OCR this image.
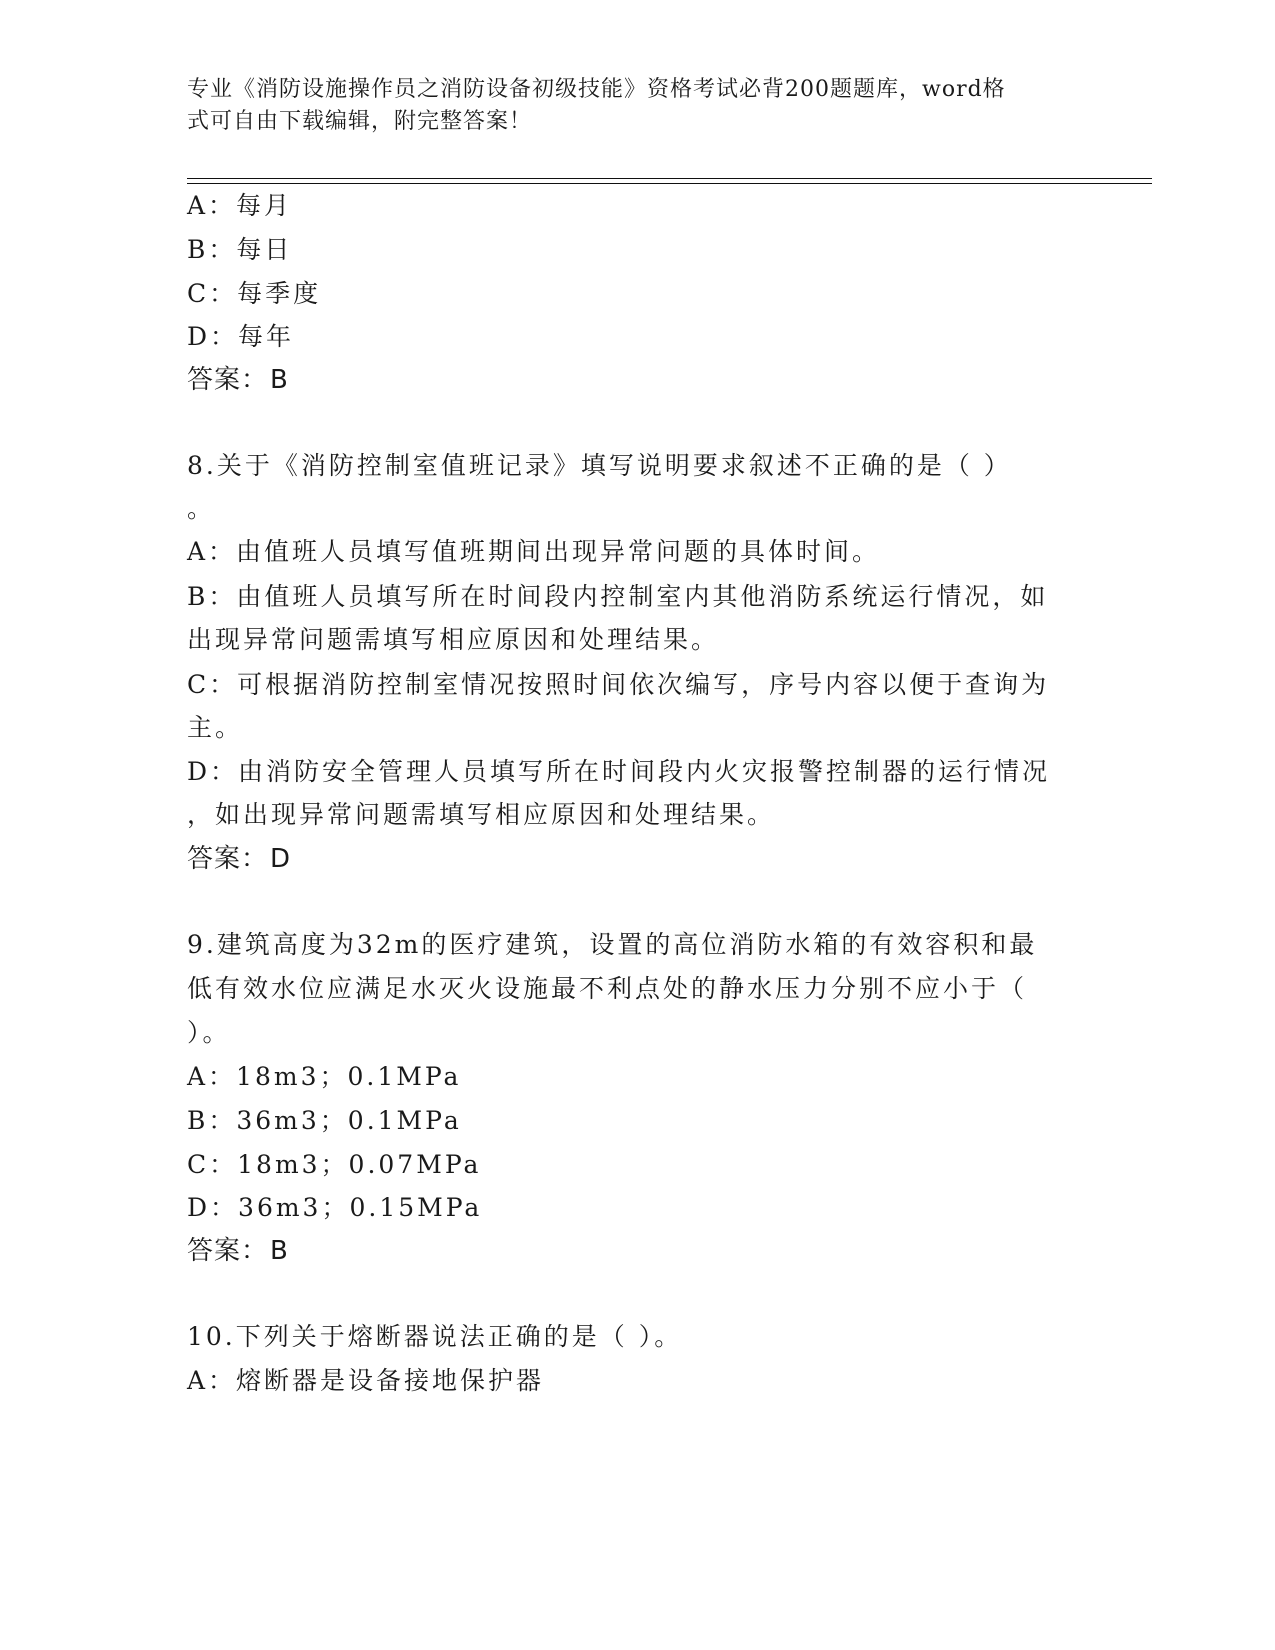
专业《消防设施操作员之消防设备初级技能》资格考试必背200题题库，word格
式可自由下载编辑，附完整答案！
A：每月
B：每日
C：每季度
D：每年
答案：B
8.关于《消防控制室值班记录》填写说明要求叙述不正确的是（ ）
。
A：由值班人员填写值班期间出现异常问题的具体时间。
B：由值班人员填写所在时间段内控制室内其他消防系统运行情况，如
出现异常问题需填写相应原因和处理结果。
C：可根据消防控制室情况按照时间依次编写，序号内容以便于查询为
主。
D：由消防安全管理人员填写所在时间段内火灾报警控制器的运行情况
，如出现异常问题需填写相应原因和处理结果。
答案：D
9.建筑高度为32m的医疗建筑，设置的高位消防水箱的有效容积和最
低有效水位应满足水灭火设施最不利点处的静水压力分别不应小于（
）。
A：18m3；0.1MPa
B：36m3；0.1MPa
C：18m3；0.07MPa
D：36m3；0.15MPa
答案：B
10.下列关于熔断器说法正确的是（ ）。
A：熔断器是设备接地保护器
